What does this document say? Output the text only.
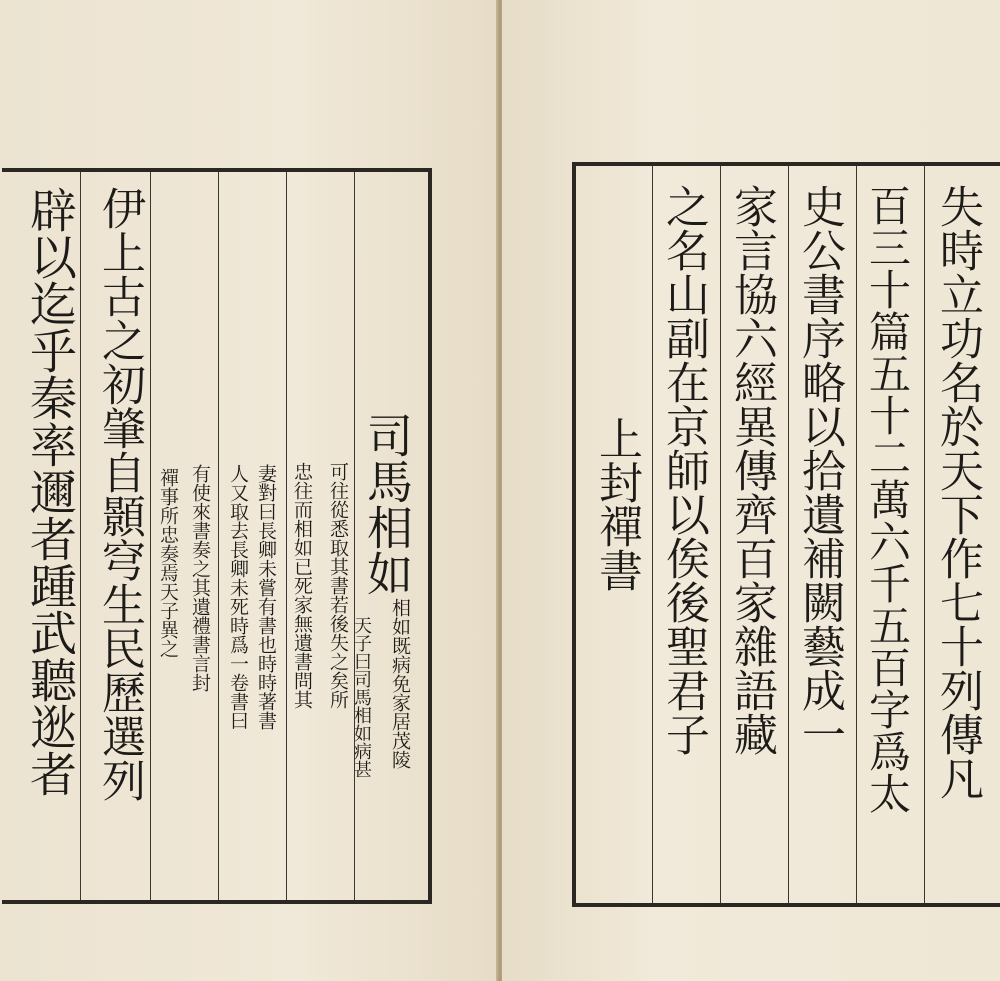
辟以迄乎秦率邇者踵武聽逖者 伊上古之初肇自顥穹生民歷選列	司馬相如
有使來書奏之其遺禮書言封
禪事所忠奏焉天子異之	人又取去長卿未死時爲一卷書曰 妻對曰長卿未嘗有書也時時著書 忠往而相如已死家無遺書問其 可往從悉取其書若後失之矣所 天子曰司馬相如病甚 相如既病免家居茂陵
上封禪書 之名山副在京師以俟後聖君子 家言協六經異傳齊百家雜語藏 史公書序略以拾遺補闕藝成一 百三十篇五十二萬六千五百字爲太 失時立功名於天下作七十列傳凡
